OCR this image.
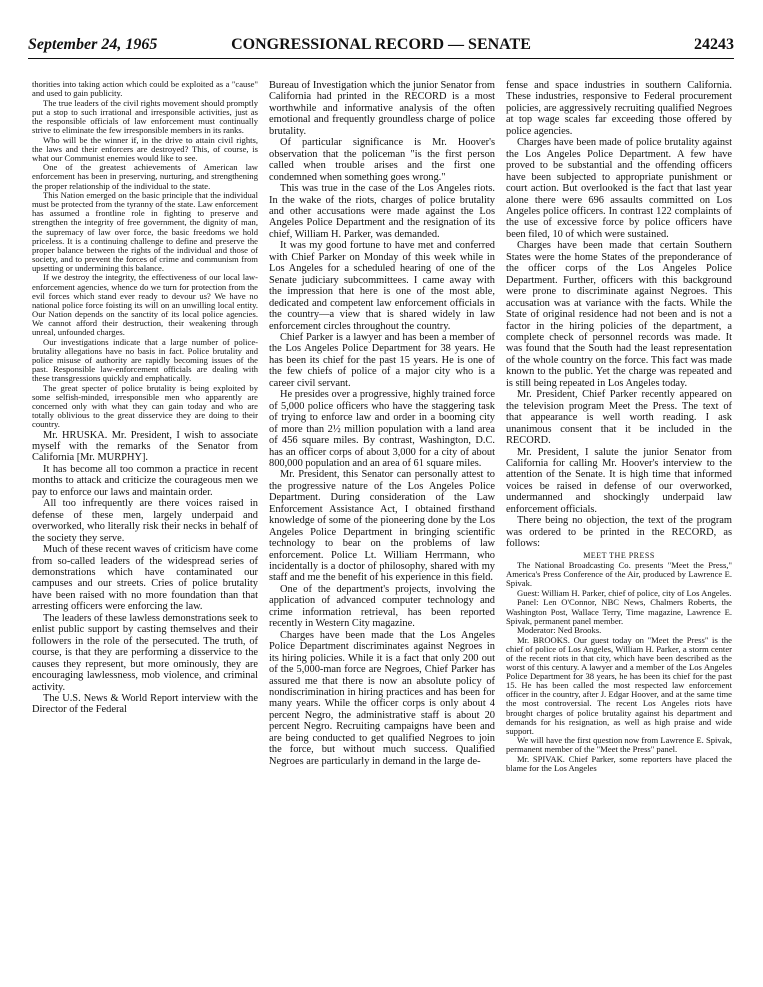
September 24, 1965	CONGRESSIONAL RECORD — SENATE	24243

thorities into taking action which could be exploited as a "cause" and used to gain publicity.

The true leaders of the civil rights movement should promptly put a stop to such irrational and irresponsible activities, just as the responsible officials of law enforcement must continually strive to eliminate the few irresponsible members in its ranks.

Who will be the winner if, in the drive to attain civil rights, the laws and their enforcers are destroyed? This, of course, is what our Communist enemies would like to see.

One of the greatest achievements of American law enforcement has been in preserving, nurturing, and strengthening the proper relationship of the individual to the state.

This Nation emerged on the basic principle that the individual must be protected from the tyranny of the state. Law enforcement has assumed a frontline role in fighting to preserve and strengthen the integrity of free government, the dignity of man, the supremacy of law over force, the basic freedoms we hold priceless. It is a continuing challenge to define and preserve the proper balance between the rights of the individual and those of society, and to prevent the forces of crime and communism from upsetting or undermining this balance.

If we destroy the integrity, the effectiveness of our local law-enforcement agencies, whence do we turn for protection from the evil forces which stand ever ready to devour us? We have no national police force foisting its will on an unwilling local entity. Our Nation depends on the sanctity of its local police agencies. We cannot afford their destruction, their weakening through unreal, unfounded charges.

Our investigations indicate that a large number of police-brutality allegations have no basis in fact. Police brutality and police misuse of authority are rapidly becoming issues of the past. Responsible law-enforcement officials are dealing with these transgressions quickly and emphatically.

The great specter of police brutality is being exploited by some selfish-minded, irresponsible men who apparently are concerned only with what they can gain today and who are totally oblivious to the great disservice they are doing to their country.

Mr. HRUSKA. Mr. President, I wish to associate myself with the remarks of the Senator from California [Mr. MURPHY].

It has become all too common a practice in recent months to attack and criticize the courageous men we pay to enforce our laws and maintain order.

All too infrequently are there voices raised in defense of these men, largely underpaid and overworked, who literally risk their necks in behalf of the society they serve.

Much of these recent waves of criticism have come from so-called leaders of the widespread series of demonstrations which have contaminated our campuses and our streets. Cries of police brutality have been raised with no more foundation than that arresting officers were enforcing the law.

The leaders of these lawless demonstrations seek to enlist public support by casting themselves and their followers in the role of the persecuted. The truth, of course, is that they are performing a disservice to the causes they represent, but more ominously, they are encouraging lawlessness, mob violence, and criminal activity.

The U.S. News & World Report interview with the Director of the Federal

Bureau of Investigation which the junior Senator from California had printed in the RECORD is a most worthwhile and informative analysis of the often emotional and frequently groundless charge of police brutality.

Of particular significance is Mr. Hoover's observation that the policeman "is the first person called when trouble arises and the first one condemned when something goes wrong."

This was true in the case of the Los Angeles riots. In the wake of the riots, charges of police brutality and other accusations were made against the Los Angeles Police Department and the resignation of its chief, William H. Parker, was demanded.

It was my good fortune to have met and conferred with Chief Parker on Monday of this week while in Los Angeles for a scheduled hearing of one of the Senate judiciary subcommittees. I came away with the impression that here is one of the most able, dedicated and competent law enforcement officials in the country—a view that is shared widely in law enforcement circles throughout the country.

Chief Parker is a lawyer and has been a member of the Los Angeles Police Department for 38 years. He has been its chief for the past 15 years. He is one of the few chiefs of police of a major city who is a career civil servant.

He presides over a progressive, highly trained force of 5,000 police officers who have the staggering task of trying to enforce law and order in a booming city of more than 2½ million population with a land area of 456 square miles. By contrast, Washington, D.C. has an officer corps of about 3,000 for a city of about 800,000 population and an area of 61 square miles.

Mr. President, this Senator can personally attest to the progressive nature of the Los Angeles Police Department. During consideration of the Law Enforcement Assistance Act, I obtained firsthand knowledge of some of the pioneering done by the Los Angeles Police Department in bringing scientific technology to bear on the problems of law enforcement. Police Lt. William Herrmann, who incidentally is a doctor of philosophy, shared with my staff and me the benefit of his experience in this field.

One of the department's projects, involving the application of advanced computer technology and crime information retrieval, has been reported recently in Western City magazine.

Charges have been made that the Los Angeles Police Department discriminates against Negroes in its hiring policies. While it is a fact that only 200 out of the 5,000-man force are Negroes, Chief Parker has assured me that there is now an absolute policy of nondiscrimination in hiring practices and has been for many years. While the officer corps is only about 4 percent Negro, the administrative staff is about 20 percent Negro. Recruiting campaigns have been and are being conducted to get qualified Negroes to join the force, but without much success. Qualified Negroes are particularly in demand in the large de-

fense and space industries in southern California. These industries, responsive to Federal procurement policies, are aggressively recruiting qualified Negroes at top wage scales far exceeding those offered by police agencies.

Charges have been made of police brutality against the Los Angeles Police Department. A few have proved to be substantial and the offending officers have been subjected to appropriate punishment or court action. But overlooked is the fact that last year alone there were 696 assaults committed on Los Angeles police officers. In contrast 122 complaints of the use of excessive force by police officers have been filed, 10 of which were sustained.

Charges have been made that certain Southern States were the home States of the preponderance of the officer corps of the Los Angeles Police Department. Further, officers with this background were prone to discriminate against Negroes. This accusation was at variance with the facts. While the State of original residence had not been and is not a factor in the hiring policies of the department, a complete check of personnel records was made. It was found that the South had the least representation of the whole country on the force. This fact was made known to the public. Yet the charge was repeated and is still being repeated in Los Angeles today.

Mr. President, Chief Parker recently appeared on the television program Meet the Press. The text of that appearance is well worth reading. I ask unanimous consent that it be included in the RECORD.

Mr. President, I salute the junior Senator from California for calling Mr. Hoover's interview to the attention of the Senate. It is high time that informed voices be raised in defense of our overworked, undermanned and shockingly underpaid law enforcement officials.

There being no objection, the text of the program was ordered to be printed in the RECORD, as follows:

MEET THE PRESS

The National Broadcasting Co. presents "Meet the Press," America's Press Conference of the Air, produced by Lawrence E. Spivak.

Guest: William H. Parker, chief of police, city of Los Angeles.

Panel: Len O'Connor, NBC News, Chalmers Roberts, the Washington Post, Wallace Terry, Time magazine, Lawrence E. Spivak, permanent panel member.

Moderator: Ned Brooks.

Mr. BROOKS. Our guest today on "Meet the Press" is the chief of police of Los Angeles, William H. Parker, a storm center of the recent riots in that city, which have been described as the worst of this century. A lawyer and a member of the Los Angeles Police Department for 38 years, he has been its chief for the past 15. He has been called the most respected law enforcement officer in the country, after J. Edgar Hoover, and at the same time the most controversial. The recent Los Angeles riots have brought charges of police brutality against his department and demands for his resignation, as well as high praise and wide support.

We will have the first question now from Lawrence E. Spivak, permanent member of the "Meet the Press" panel.

Mr. SPIVAK. Chief Parker, some reporters have placed the blame for the Los Angeles
